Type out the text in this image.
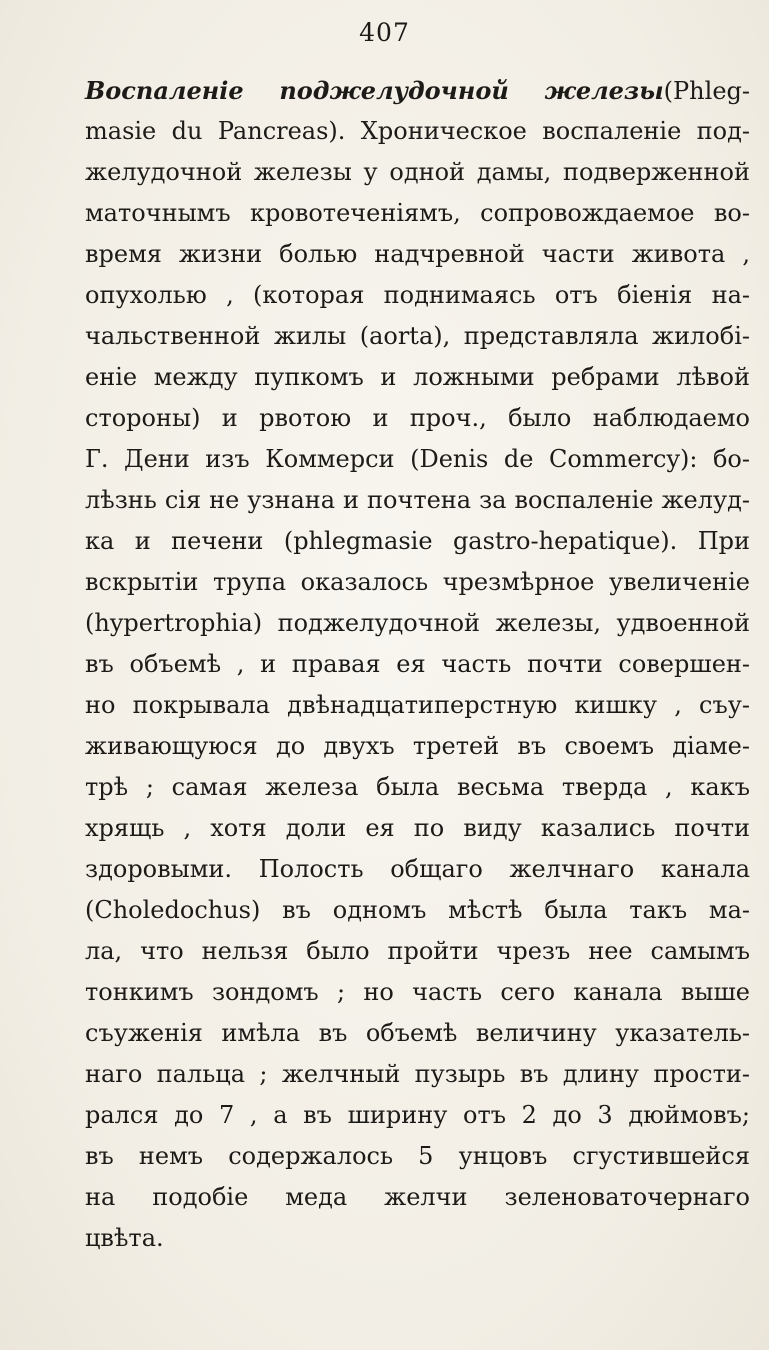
407
Воспаленіе поджелудочной железы(Phleg-
masie du Pancreas). Хроническое воспаленіе под-
желудочной железы у одной дамы, подверженной
маточнымъ кровотеченіямъ, сопровождаемое во-
время жизни болью надчревной части живота ,
опухолью , (которая поднимаясь отъ біенія на-
чальственной жилы (aorta), представляла жилобі-
еніе между пупкомъ и ложными ребрами лѣвой
стороны) и рвотою и проч., было наблюдаемо
Г. Дени изъ Коммерси (Denis de Commercy): бо-
лѣзнь сія не узнана и почтена за воспаленіе желуд-
ка и печени (phlegmasie gastro-hepatique). При
вскрытіи трупа оказалось чрезмѣрное увеличеніе
(hypertrophia) поджелудочной железы, удвоенной
въ объемѣ , и правая ея часть почти совершен-
но покрывала двѣнадцатиперстную кишку , съу-
живающуюся до двухъ третей въ своемъ діаме-
трѣ ; самая железа была весьма тверда , какъ
хрящь , хотя доли ея по виду казались почти
здоровыми. Полость общаго желчнаго канала
(Choledochus) въ одномъ мѣстѣ была такъ ма-
ла, что нельзя было пройти чрезъ нее самымъ
тонкимъ зондомъ ; но часть сего канала выше
съуженія имѣла въ объемѣ величину указатель-
наго пальца ; желчный пузырь въ длину прости-
рался до 7 , а въ ширину отъ 2 до 3 дюймовъ;
въ немъ содержалось 5 унцовъ сгустившейся
на подобіе меда желчи зеленоваточернаго
цвѣта.
